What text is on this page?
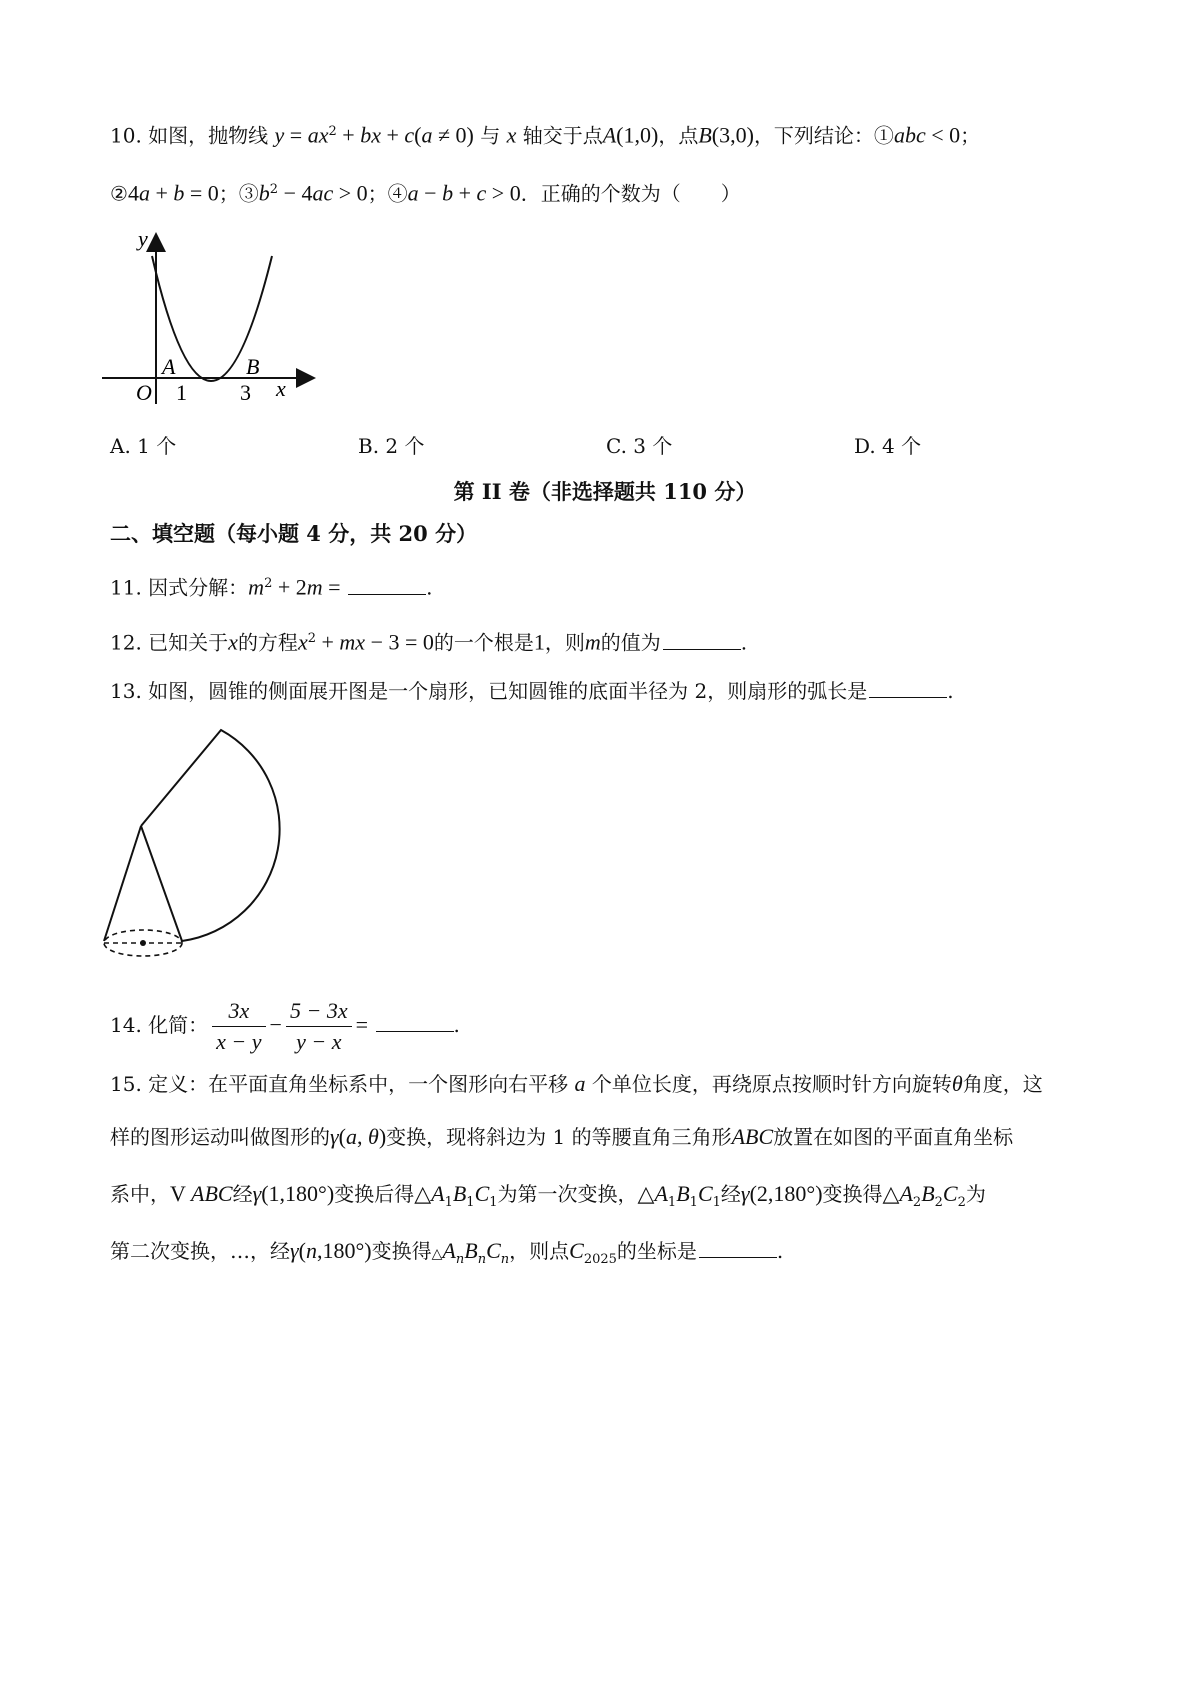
10. 如图，抛物线 $y = ax^2$ + bx + c(a ≠ 0) 与 x 轴交于点A(1,0)，点B(3,0)，下列结论：①abc < 0；
②4a + b = 0；$③b^2 - 4ac > 0$；④a − b + c > 0．正确的个数为（　　）
y
x
O
A	B
1 3
A. 1 个	B. 2 个	C. 3 个	D. 4 个
第 II 卷（非选择题共 110 分）
二、填空题（每小题 4 分，共 20 分）
11. 因式分解：$m^2 + 2m$ =	.
12. 已知关于x的方程$x^2$ + mx − 3 = 0的一个根是1，则m的值为	.
13. 如图，圆锥的侧面展开图是一个扇形，已知圆锥的底面半径为 2，则扇形的弧长是	.
14. 化简： $\frac{3x}{x - y} - \frac{5 - 3x}{y - x}$ =	.
15. 定义：在平面直角坐标系中，一个图形向右平移 a 个单位长度，再绕原点按顺时针方向旋转θ角度，这
样的图形运动叫做图形的γ(a, θ)变换，现将斜边为 1 的等腰直角三角形ABC放置在如图的平面直角坐标
系中，V ABC经γ(1,180°)变换后得$\triangle A_1B_1C_1$为第一次变换，$\triangle A_1B_1C_1$经γ(2,180°)变换得$\triangle A_2B_2C_2$为
第二次变换，…，经γ(n,180°)变换得$\triangle A_nB_nC_n$，则点$C_{2025}$的坐标是	.
